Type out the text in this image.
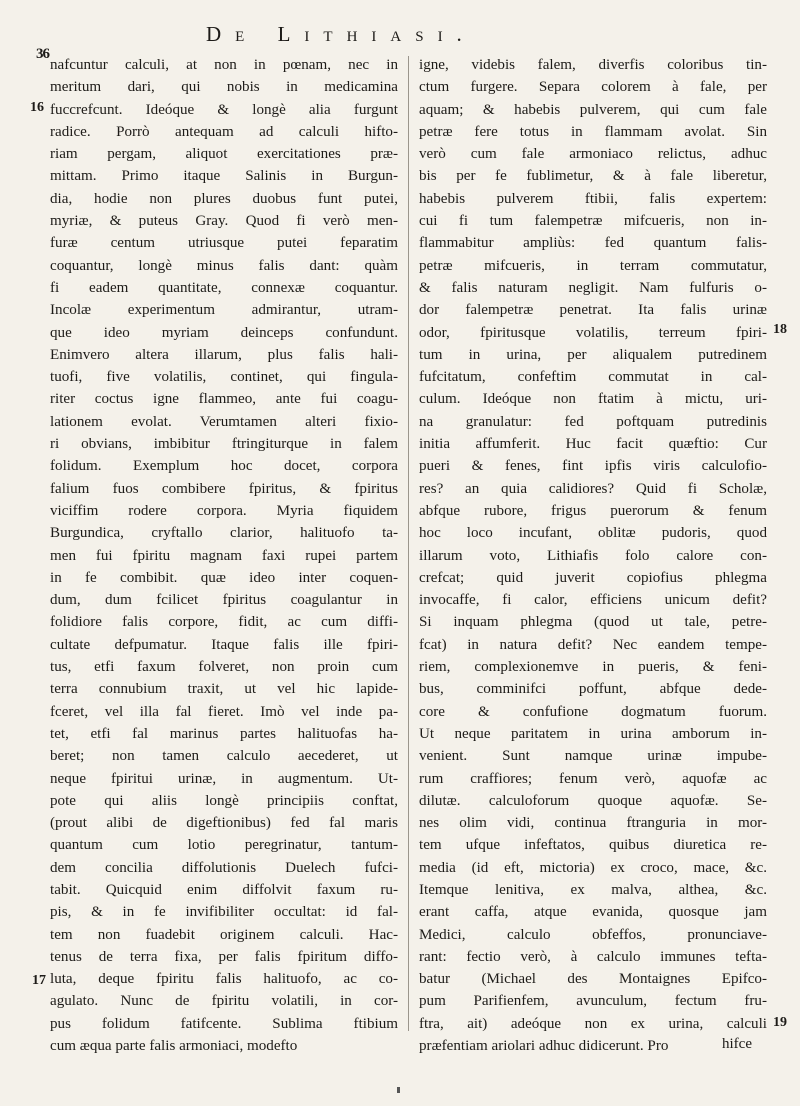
36
De Lithiasi.
nafcuntur calculi, at non in pœnam, nec in
meritum dari, qui nobis in medicamina
fuccrefcunt. Ideóque & longè alia furgunt
radice. Porrò antequam ad calculi hifto-
riam pergam, aliquot exercitationes præ-
mittam. Primo itaque Salinis in Burgun-
dia, hodie non plures duobus funt putei,
myriæ, & puteus Gray. Quod fi verò men-
furæ centum utriusque putei feparatim
coquantur, longè minus falis dant: quàm
fi eadem quantitate, connexæ coquantur.
Incolæ experimentum admirantur, utram-
que ideo myriam deinceps confundunt.
Enimvero altera illarum, plus falis hali-
tuofi, five volatilis, continet, qui fingula-
riter coctus igne flammeo, ante fui coagu-
lationem evolat. Verumtamen alteri fixio-
ri obvians, imbibitur ftringiturque in falem
folidum. Exemplum hoc docet, corpora
falium fuos combibere fpiritus, & fpiritus
viciffim rodere corpora. Myria fiquidem
Burgundica, cryftallo clarior, halituofo ta-
men fui fpiritu magnam faxi rupei partem
in fe combibit. quæ ideo inter coquen-
dum, dum fcilicet fpiritus coagulantur in
folidiore falis corpore, fidit, ac cum diffi-
cultate defpumatur. Itaque falis ille fpiri-
tus, etfi faxum folveret, non proin cum
terra connubium traxit, ut vel hic lapide-
fceret, vel illa fal fieret. Imò vel inde pa-
tet, etfi fal marinus partes halituofas ha-
beret; non tamen calculo aecederet, ut
neque fpiritui urinæ, in augmentum. Ut-
pote qui aliis longè principiis conftat,
(prout alibi de digeftionibus) fed fal maris
quantum cum lotio peregrinatur, tantum-
dem concilia diffolutionis Duelech fufci-
tabit. Quicquid enim diffolvit faxum ru-
pis, & in fe invifibiliter occultat: id fal-
tem non fuadebit originem calculi. Hac-
tenus de terra fixa, per falis fpiritum diffo-
luta, deque fpiritu falis halituofo, ac co-
agulato. Nunc de fpiritu volatili, in cor-
pus folidum fatifcente. Sublima ftibium
cum æqua parte falis armoniaci, modefto
igne, videbis falem, diverfis coloribus tin-
ctum furgere. Separa colorem à fale, per
aquam; & habebis pulverem, qui cum fale
petræ fere totus in flammam avolat. Sin
verò cum fale armoniaco relictus, adhuc
bis per fe fublimetur, & à fale liberetur,
habebis pulverem ftibii, falis expertem:
cui fi tum falempetræ mifcueris, non in-
flammabitur ampliùs: fed quantum falis-
petræ mifcueris, in terram commutatur,
& falis naturam negligit. Nam fulfuris o-
dor falempetræ penetrat. Ita falis urinæ
odor, fpiritusque volatilis, terreum fpiri-
tum in urina, per aliqualem putredinem
fufcitatum, confeftim commutat in cal-
culum. Ideóque non ftatim à mictu, uri-
na granulatur: fed poftquam putredinis
initia affumferit. Huc facit quæftio: Cur
pueri & fenes, fint ipfis viris calculofio-
res? an quia calidiores? Quid fi Scholæ,
abfque rubore, frigus puerorum & fenum
hoc loco incufant, oblitæ pudoris, quod
illarum voto, Lithiafis folo calore con-
crefcat; quid juverit copiofius phlegma
invocaffe, fi calor, efficiens unicum defit?
Si inquam phlegma (quod ut tale, petre-
fcat) in natura defit? Nec eandem tempe-
riem, complexionemve in pueris, & feni-
bus, comminifci poffunt, abfque dede-
core & confufione dogmatum fuorum.
Ut neque paritatem in urina amborum in-
venient. Sunt namque urinæ impube-
rum craffiores; fenum verò, aquofæ ac
dilutæ. calculoforum quoque aquofæ. Se-
nes olim vidi, continua ftranguria in mor-
tem ufque infeftatos, quibus diuretica re-
media (id eft, mictoria) ex croco, mace, &c.
Itemque lenitiva, ex malva, althea, &c.
erant caffa, atque evanida, quosque jam
Medici, calculo obfeffos, pronunciave-
rant: fectio verò, à calculo immunes tefta-
batur (Michael des Montaignes Epifco-
pum Parifienfem, avunculum, fectum fru-
ftra, ait) adeóque non ex urina, calculi
præfentiam ariolari adhuc didicerunt. Pro
16
17
18
19
hifce
